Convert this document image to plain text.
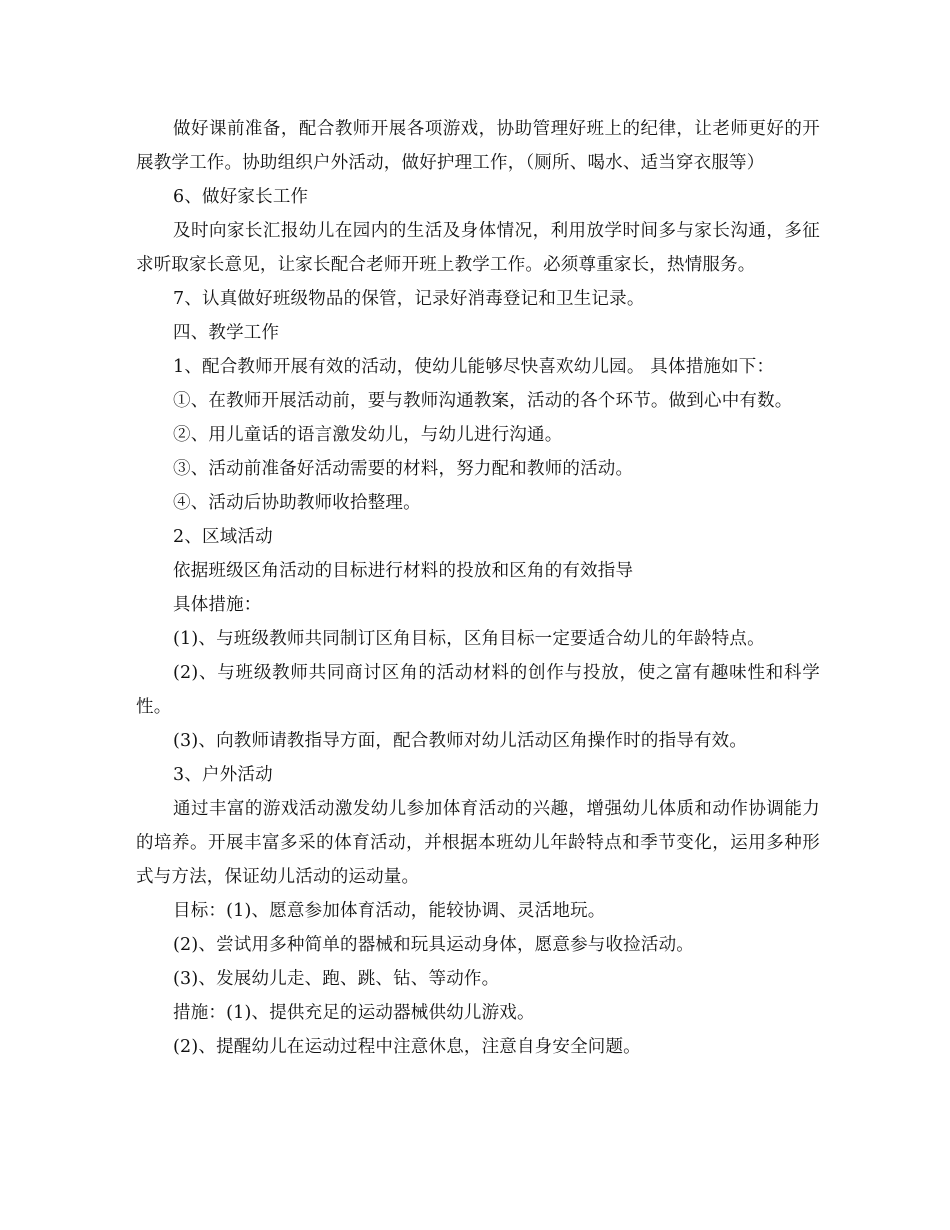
做好课前准备，配合教师开展各项游戏，协助管理好班上的纪律，让老师更好的开展教学工作。协助组织户外活动，做好护理工作，（厕所、喝水、适当穿衣服等）

6、做好家长工作

及时向家长汇报幼儿在园内的生活及身体情况，利用放学时间多与家长沟通，多征求听取家长意见，让家长配合老师开班上教学工作。必须尊重家长，热情服务。

7、认真做好班级物品的保管，记录好消毒登记和卫生记录。

四、教学工作

1、配合教师开展有效的活动，使幼儿能够尽快喜欢幼儿园。 具体措施如下：

①、在教师开展活动前，要与教师沟通教案，活动的各个环节。做到心中有数。

②、用儿童话的语言激发幼儿，与幼儿进行沟通。

③、活动前准备好活动需要的材料，努力配和教师的活动。

④、活动后协助教师收拾整理。

2、区域活动

依据班级区角活动的目标进行材料的投放和区角的有效指导

具体措施：

(1)、与班级教师共同制订区角目标，区角目标一定要适合幼儿的年龄特点。

(2)、与班级教师共同商讨区角的活动材料的创作与投放，使之富有趣味性和科学性。

(3)、向教师请教指导方面，配合教师对幼儿活动区角操作时的指导有效。

3、户外活动

通过丰富的游戏活动激发幼儿参加体育活动的兴趣，增强幼儿体质和动作协调能力的培养。开展丰富多采的体育活动，并根据本班幼儿年龄特点和季节变化，运用多种形式与方法，保证幼儿活动的运动量。

目标：(1)、愿意参加体育活动，能较协调、灵活地玩。

(2)、尝试用多种简单的器械和玩具运动身体，愿意参与收捡活动。

(3)、发展幼儿走、跑、跳、钻、等动作。

措施：(1)、提供充足的运动器械供幼儿游戏。

(2)、提醒幼儿在运动过程中注意休息，注意自身安全问题。
